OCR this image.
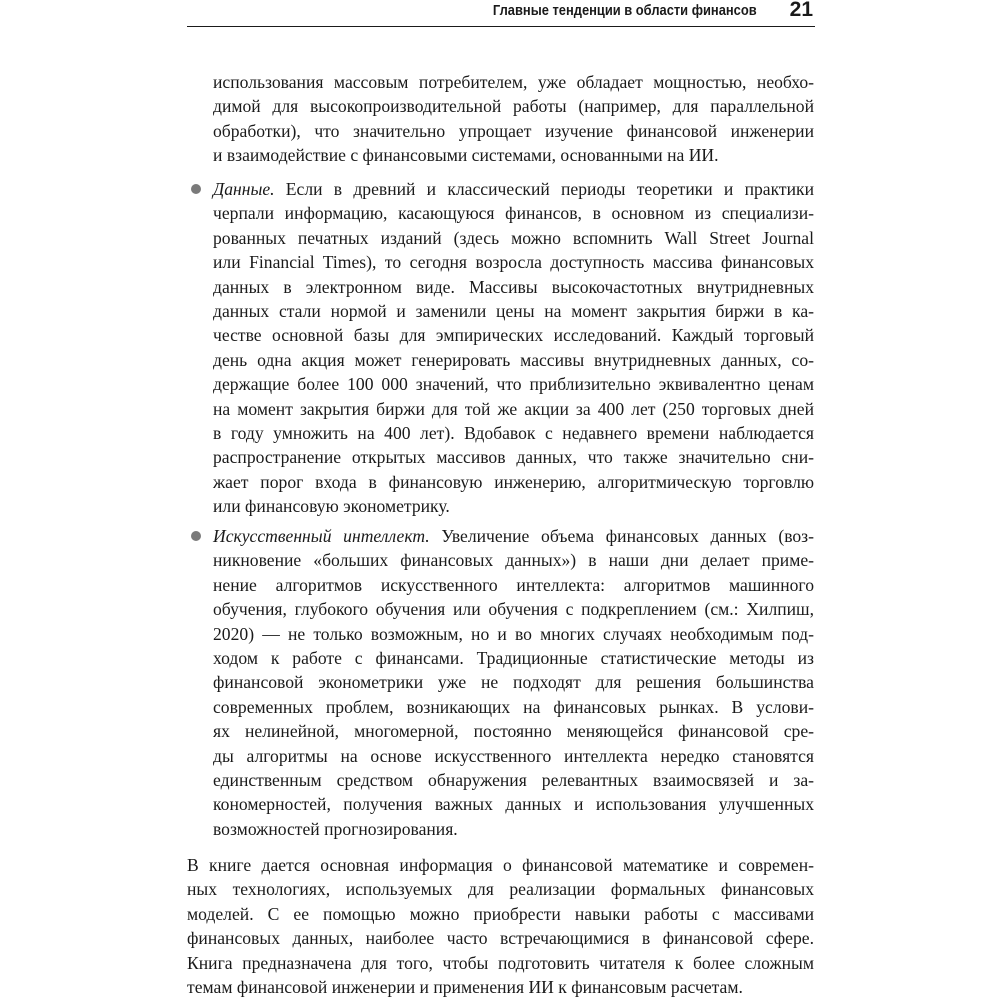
Главные тенденции в области финансов 21
использования массовым потребителем, уже обладает мощностью, необхо-
димой для высокопроизводительной работы (например, для параллельной
обработки), что значительно упрощает изучение финансовой инженерии
и взаимодействие с финансовыми системами, основанными на ИИ.
Данные. Если в древний и классический периоды теоретики и практики
черпали информацию, касающуюся финансов, в основном из специализи-
рованных печатных изданий (здесь можно вспомнить Wall Street Journal
или Financial Times), то сегодня возросла доступность массива финансовых
данных в электронном виде. Массивы высокочастотных внутридневных
данных стали нормой и заменили цены на момент закрытия биржи в ка-
честве основной базы для эмпирических исследований. Каждый торговый
день одна акция может генерировать массивы внутридневных данных, со-
держащие более 100 000 значений, что приблизительно эквивалентно ценам
на момент закрытия биржи для той же акции за 400 лет (250 торговых дней
в году умножить на 400 лет). Вдобавок с недавнего времени наблюдается
распространение открытых массивов данных, что также значительно сни-
жает порог входа в финансовую инженерию, алгоритмическую торговлю
или финансовую эконометрику.
Искусственный интеллект. Увеличение объема финансовых данных (воз-
никновение «больших финансовых данных») в наши дни делает приме-
нение алгоритмов искусственного интеллекта: алгоритмов машинного
обучения, глубокого обучения или обучения с подкреплением (см.: Хилпиш,
2020) — не только возможным, но и во многих случаях необходимым под-
ходом к работе с финансами. Традиционные статистические методы из
финансовой эконометрики уже не подходят для решения большинства
современных проблем, возникающих на финансовых рынках. В услови-
ях нелинейной, многомерной, постоянно меняющейся финансовой сре-
ды алгоритмы на основе искусственного интеллекта нередко становятся
единственным средством обнаружения релевантных взаимосвязей и за-
кономерностей, получения важных данных и использования улучшенных
возможностей прогнозирования.
В книге дается основная информация о финансовой математике и современ-
ных технологиях, используемых для реализации формальных финансовых
моделей. С ее помощью можно приобрести навыки работы с массивами
финансовых данных, наиболее часто встречающимися в финансовой сфере.
Книга предназначена для того, чтобы подготовить читателя к более сложным
темам финансовой инженерии и применения ИИ к финансовым расчетам.
